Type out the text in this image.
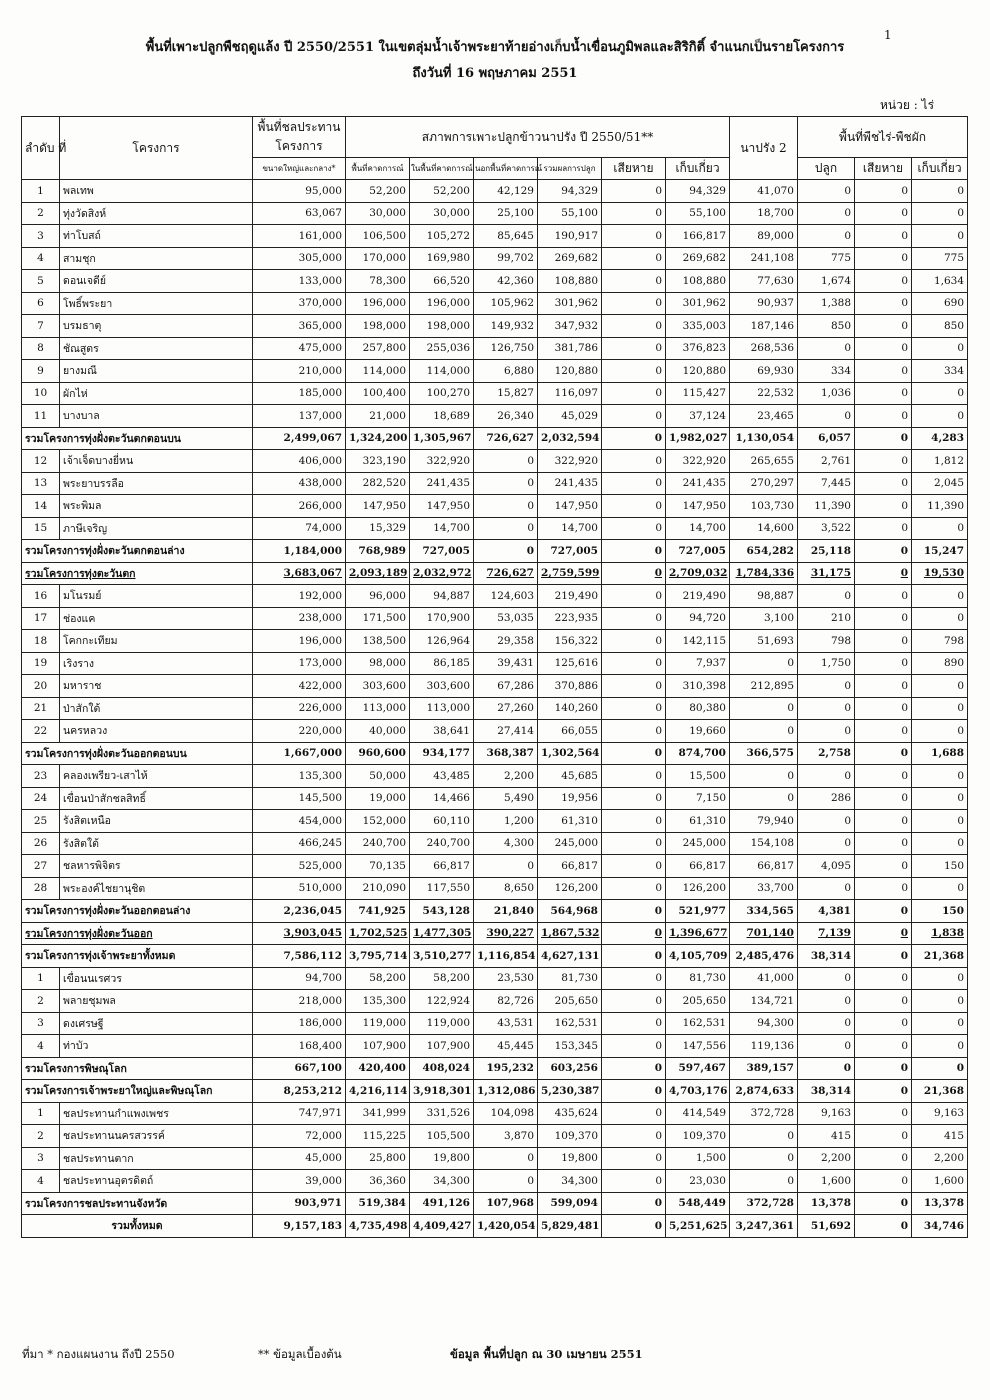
1
พื้นที่เพาะปลูกพืชฤดูแล้ง ปี 2550/2551 ในเขตลุ่มน้ำเจ้าพระยาท้ายอ่างเก็บน้ำเขื่อนภูมิพลและสิริกิติ์ จำแนกเป็นรายโครงการ
ถึงวันที่ 16 พฤษภาคม 2551
หน่วย : ไร่
ลำดับ ที่	โครงการ	พื้นที่ชลประทาน โครงการ	สภาพการเพาะปลูกข้าวนาปรัง ปี 2550/51**						นาปรัง 2	พื้นที่พืชไร่-พืชผัก		
		ขนาดใหญ่และกลาง*	พื้นที่คาดการณ์	ในพื้นที่คาดการณ์	นอกพื้นที่คาดการณ์	รวมผลการปลูก	เสียหาย	เก็บเกี่ยว		ปลูก	เสียหาย	เก็บเกี่ยว
1	พลเทพ	95,000	52,200	52,200	42,129	94,329	0	94,329	41,070	0	0	0
2	ทุ่งวัดสิงห์	63,067	30,000	30,000	25,100	55,100	0	55,100	18,700	0	0	0
3	ท่าโบสถ์	161,000	106,500	105,272	85,645	190,917	0	166,817	89,000	0	0	0
4	สามชุก	305,000	170,000	169,980	99,702	269,682	0	269,682	241,108	775	0	775
5	ดอนเจดีย์	133,000	78,300	66,520	42,360	108,880	0	108,880	77,630	1,674	0	1,634
6	โพธิ์พระยา	370,000	196,000	196,000	105,962	301,962	0	301,962	90,937	1,388	0	690
7	บรมธาตุ	365,000	198,000	198,000	149,932	347,932	0	335,003	187,146	850	0	850
8	ชัณสูตร	475,000	257,800	255,036	126,750	381,786	0	376,823	268,536	0	0	0
9	ยางมณี	210,000	114,000	114,000	6,880	120,880	0	120,880	69,930	334	0	334
10	ผักไห่	185,000	100,400	100,270	15,827	116,097	0	115,427	22,532	1,036	0	0
11	บางบาล	137,000	21,000	18,689	26,340	45,029	0	37,124	23,465	0	0	0
รวมโครงการทุ่งฝั่งตะวันตกตอนบน		2,499,067	1,324,200	1,305,967	726,627	2,032,594	0	1,982,027	1,130,054	6,057	0	4,283
12	เจ้าเจ็ดบางยี่หน	406,000	323,190	322,920	0	322,920	0	322,920	265,655	2,761	0	1,812
13	พระยาบรรลือ	438,000	282,520	241,435	0	241,435	0	241,435	270,297	7,445	0	2,045
14	พระพิมล	266,000	147,950	147,950	0	147,950	0	147,950	103,730	11,390	0	11,390
15	ภาษีเจริญ	74,000	15,329	14,700	0	14,700	0	14,700	14,600	3,522	0	0
รวมโครงการทุ่งฝั่งตะวันตกตอนล่าง		1,184,000	768,989	727,005	0	727,005	0	727,005	654,282	25,118	0	15,247
รวมโครงการทุ่งตะวันตก		3,683,067	2,093,189	2,032,972	726,627	2,759,599	0	2,709,032	1,784,336	31,175	0	19,530
16	มโนรมย์	192,000	96,000	94,887	124,603	219,490	0	219,490	98,887	0	0	0
17	ช่องแค	238,000	171,500	170,900	53,035	223,935	0	94,720	3,100	210	0	0
18	โคกกะเทียม	196,000	138,500	126,964	29,358	156,322	0	142,115	51,693	798	0	798
19	เริงราง	173,000	98,000	86,185	39,431	125,616	0	7,937	0	1,750	0	890
20	มหาราช	422,000	303,600	303,600	67,286	370,886	0	310,398	212,895	0	0	0
21	ป่าสักใต้	226,000	113,000	113,000	27,260	140,260	0	80,380	0	0	0	0
22	นครหลวง	220,000	40,000	38,641	27,414	66,055	0	19,660	0	0	0	0
รวมโครงการทุ่งฝั่งตะวันออกตอนบน		1,667,000	960,600	934,177	368,387	1,302,564	0	874,700	366,575	2,758	0	1,688
23	คลองเพรียว-เสาไห้	135,300	50,000	43,485	2,200	45,685	0	15,500	0	0	0	0
24	เขื่อนป่าสักชลสิทธิ์	145,500	19,000	14,466	5,490	19,956	0	7,150	0	286	0	0
25	รังสิตเหนือ	454,000	152,000	60,110	1,200	61,310	0	61,310	79,940	0	0	0
26	รังสิตใต้	466,245	240,700	240,700	4,300	245,000	0	245,000	154,108	0	0	0
27	ชลหารพิจิตร	525,000	70,135	66,817	0	66,817	0	66,817	66,817	4,095	0	150
28	พระองค์ไชยานุชิต	510,000	210,090	117,550	8,650	126,200	0	126,200	33,700	0	0	0
รวมโครงการทุ่งฝั่งตะวันออกตอนล่าง		2,236,045	741,925	543,128	21,840	564,968	0	521,977	334,565	4,381	0	150
รวมโครงการทุ่งฝั่งตะวันออก		3,903,045	1,702,525	1,477,305	390,227	1,867,532	0	1,396,677	701,140	7,139	0	1,838
รวมโครงการทุ่งเจ้าพระยาทั้งหมด		7,586,112	3,795,714	3,510,277	1,116,854	4,627,131	0	4,105,709	2,485,476	38,314	0	21,368
1	เขื่อนนเรศวร	94,700	58,200	58,200	23,530	81,730	0	81,730	41,000	0	0	0
2	พลายชุมพล	218,000	135,300	122,924	82,726	205,650	0	205,650	134,721	0	0	0
3	ดงเศรษฐี	186,000	119,000	119,000	43,531	162,531	0	162,531	94,300	0	0	0
4	ท่าบัว	168,400	107,900	107,900	45,445	153,345	0	147,556	119,136	0	0	0
รวมโครงการพิษณุโลก		667,100	420,400	408,024	195,232	603,256	0	597,467	389,157	0	0	0
รวมโครงการเจ้าพระยาใหญ่และพิษณุโลก		8,253,212	4,216,114	3,918,301	1,312,086	5,230,387	0	4,703,176	2,874,633	38,314	0	21,368
1	ชลประทานกำแพงเพชร	747,971	341,999	331,526	104,098	435,624	0	414,549	372,728	9,163	0	9,163
2	ชลประทานนครสวรรค์	72,000	115,225	105,500	3,870	109,370	0	109,370	0	415	0	415
3	ชลประทานตาก	45,000	25,800	19,800	0	19,800	0	1,500	0	2,200	0	2,200
4	ชลประทานอุตรดิตถ์	39,000	36,360	34,300	0	34,300	0	23,030	0	1,600	0	1,600
รวมโครงการชลประทานจังหวัด		903,971	519,384	491,126	107,968	599,094	0	548,449	372,728	13,378	0	13,378
รวมทั้งหมด		9,157,183	4,735,498	4,409,427	1,420,054	5,829,481	0	5,251,625	3,247,361	51,692	0	34,746
ที่มา * กองแผนงาน ถึงปี 2550	** ข้อมูลเบื้องต้น	ข้อมูล พื้นที่ปลูก ณ 30 เมษายน 2551
